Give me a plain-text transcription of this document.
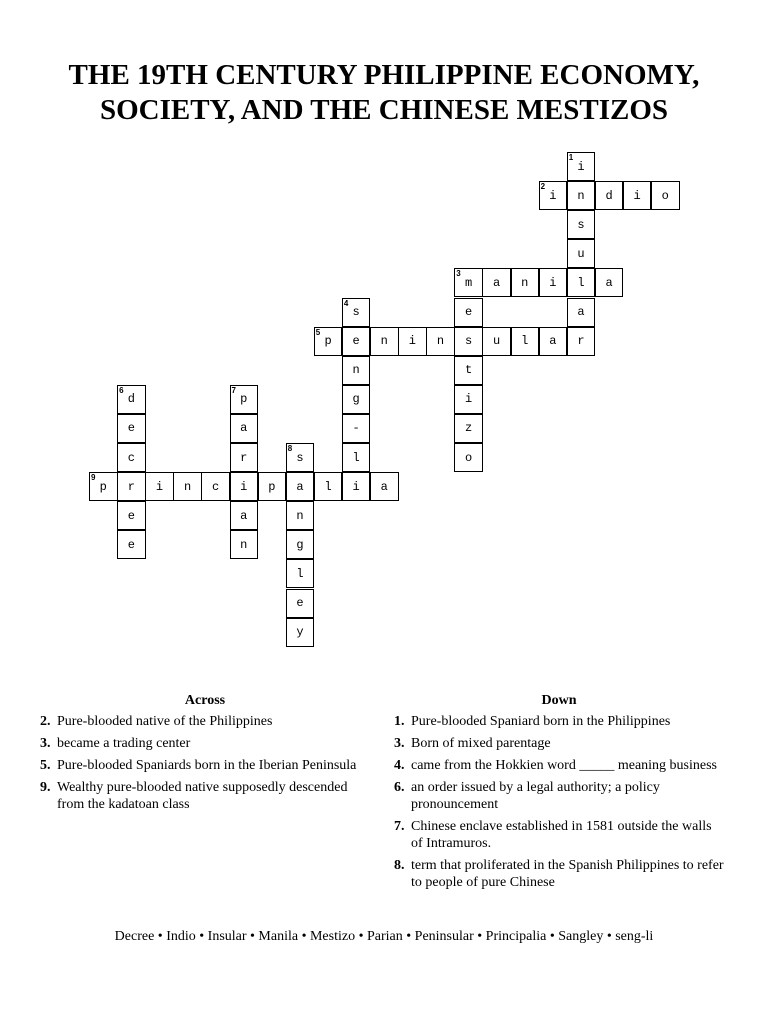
THE 19TH CENTURY PHILIPPINE ECONOMY,
SOCIETY, AND THE CHINESE MESTIZOS
i
1
i
2
n d i o
s
u
m
3
a n i l a
s
4
e	a
p
5
e n i n s u l a r
n	t
d
6
p
7
g	i
e	a	-	z
c	r	s
8
l	o
p
9
r i n c i p a l i a
e	a	n
e	n	g
l
e
y
Across
2. Pure-blooded native of the Philippines
3. became a trading center
5. Pure-blooded Spaniards born in the Iberian Peninsula
9. Wealthy pure-blooded native supposedly descended from the kadatoan class
Down
1. Pure-blooded Spaniard born in the Philippines
3. Born of mixed parentage
4. came from the Hokkien word _____ meaning business
6. an order issued by a legal authority; a policy pronouncement
7. Chinese enclave established in 1581 outside the walls of Intramuros.
8. term that proliferated in the Spanish Philippines to refer to people of pure Chinese
Decree • Indio • Insular • Manila • Mestizo • Parian • Peninsular • Principalia • Sangley • seng-li
